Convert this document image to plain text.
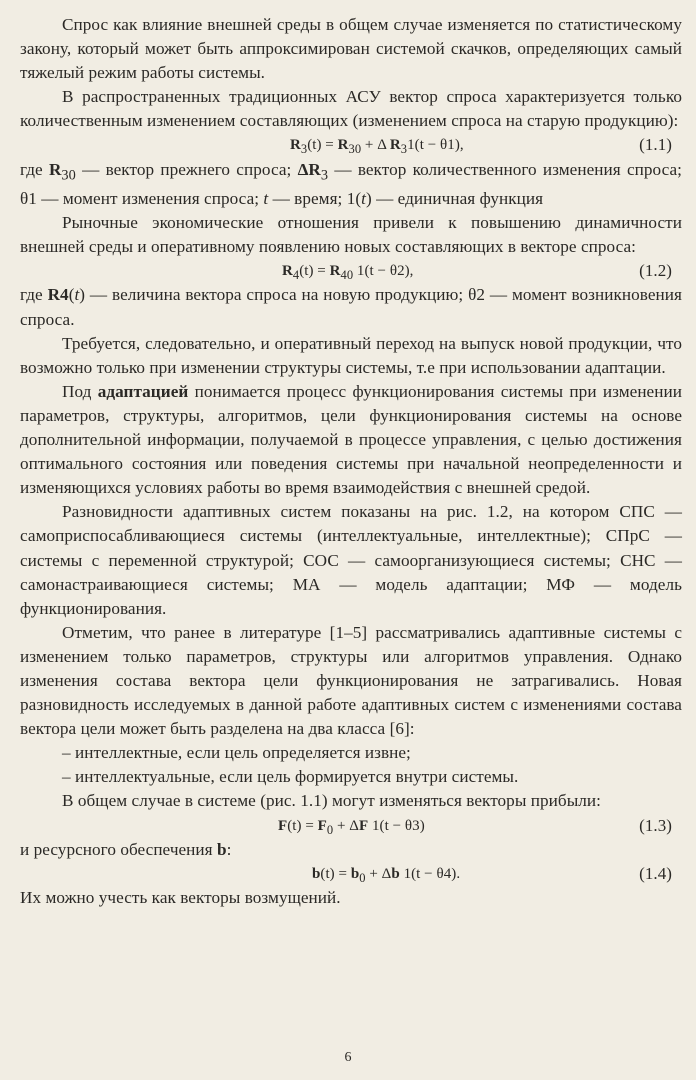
Спрос как влияние внешней среды в общем случае изменяется по статистическому закону, который может быть аппроксимирован системой скачков, определяющих самый тяжелый режим работы системы.

В распространенных традиционных АСУ вектор спроса характеризуется только количественным изменением составляющих (изменением спроса на старую продукцию):

$R_3(t) = R_{30} + \Delta$ $R_31(t - \theta 1)$,	(1.1)

где $R_{30}$ — вектор прежнего спроса; $\Delta R_3$ — вектор количественного изменения спроса; θ1 — момент изменения спроса; t — время; 1(t) — единичная функция

Рыночные экономические отношения привели к повышению динамичности внешней среды и оперативному появлению новых составляющих в векторе спроса:

$R_4(t) = R_{40}$ 1(t − θ2),	(1.2)

где R4(t) — величина вектора спроса на новую продукцию; θ2 — момент возникновения спроса.

Требуется, следовательно, и оперативный переход на выпуск новой продукции, что возможно только при изменении структуры системы, т.е при использовании адаптации.

Под адаптацией понимается процесс функционирования системы при изменении параметров, структуры, алгоритмов, цели функционирования системы на основе дополнительной информации, получаемой в процессе управления, с целью достижения оптимального состояния или поведения системы при начальной неопределенности и изменяющихся условиях работы во время взаимодействия с внешней средой.

Разновидности адаптивных систем показаны на рис. 1.2, на котором СПС — самоприспосабливающиеся системы (интеллектуальные, интеллектные); СПрС — системы с переменной структурой; СОС — самоорганизующиеся системы; СНС — самонастраивающиеся системы; МА — модель адаптации; МФ — модель функционирования.

Отметим, что ранее в литературе [1–5] рассматривались адаптивные системы с изменением только параметров, структуры или алгоритмов управления. Однако изменения состава вектора цели функционирования не затрагивались. Новая разновидность исследуемых в данной работе адаптивных систем с изменениями состава вектора цели может быть разделена на два класса [6]:

– интеллектные, если цель определяется извне;

– интеллектуальные, если цель формируется внутри системы.

В общем случае в системе (рис. 1.1) могут изменяться векторы прибыли:

$F(t) = F_0 + \Delta F$ 1(t − θ3)	(1.3)

и ресурсного обеспечения b:

$b(t) = b_0 + \Delta b$ 1(t − θ4).	(1.4)

Их можно учесть как векторы возмущений.

6
